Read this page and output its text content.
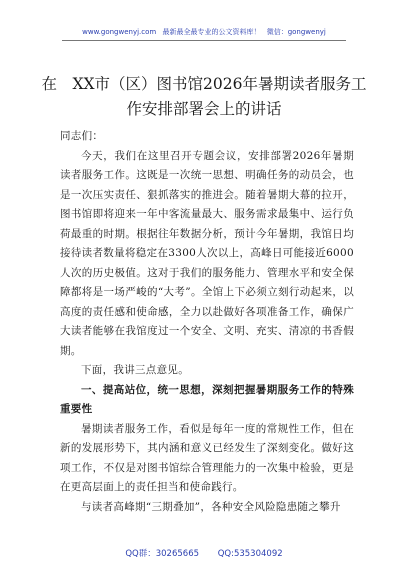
www.gongwenyj.com 最新最全最专业的公文资料库！ 微信：gongwenyj
在　XX市（区）图书馆2026年暑期读者服务工作安排部署会上的讲话

同志们：

今天，我们在这里召开专题会议，安排部署2026年暑期读者服务工作。这既是一次统一思想、明确任务的动员会，也是一次压实责任、狠抓落实的推进会。随着暑期大幕的拉开，图书馆即将迎来一年中客流量最大、服务需求最集中、运行负荷最重的时期。根据往年数据分析，预计今年暑期，我馆日均接待读者数量将稳定在3300人次以上，高峰日可能接近6000人次的历史极值。这对于我们的服务能力、管理水平和安全保障都将是一场严峻的“大考”。全馆上下必须立刻行动起来，以高度的责任感和使命感，全力以赴做好各项准备工作，确保广大读者能够在我馆度过一个安全、文明、充实、清凉的书香假期。

下面，我讲三点意见。

一、提高站位，统一思想，深刻把握暑期服务工作的特殊重要性

暑期读者服务工作，看似是每年一度的常规性工作，但在新的发展形势下，其内涵和意义已经发生了深刻变化。做好这项工作，不仅是对图书馆综合管理能力的一次集中检验，更是在更高层面上的责任担当和使命践行。

与读者高峰期“三期叠加”，各种安全风险隐患随之攀升

QQ群：30265665 QQ:535304092
